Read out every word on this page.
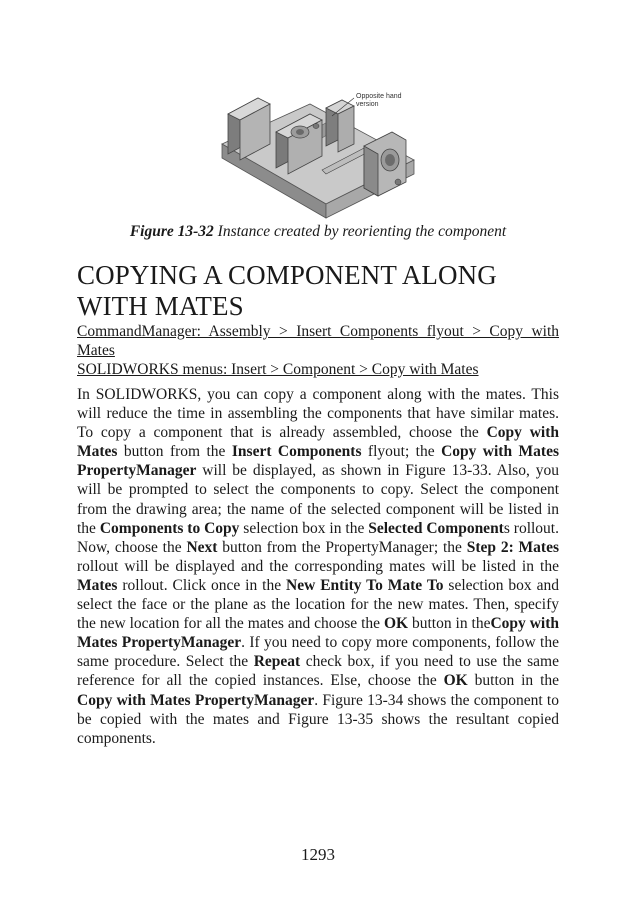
Opposite hand version
Figure 13-32 Instance created by reorienting the component
COPYING A COMPONENT ALONG WITH MATES
CommandManager: Assembly > Insert Components flyout > Copy with Mates
SOLIDWORKS menus: Insert > Component > Copy with Mates
In SOLIDWORKS, you can copy a component along with the mates. This will reduce the time in assembling the components that have similar mates. To copy a component that is already assembled, choose the Copy with Mates button from the Insert Components flyout; the Copy with Mates PropertyManager will be displayed, as shown in Figure 13-33. Also, you will be prompted to select the components to copy. Select the component from the drawing area; the name of the selected component will be listed in the Components to Copy selection box in the Selected Components rollout. Now, choose the Next button from the PropertyManager; the Step 2: Mates rollout will be displayed and the corresponding mates will be listed in the Mates rollout. Click once in the New Entity To Mate To selection box and select the face or the plane as the location for the new mates. Then, specify the new location for all the mates and choose the OK button in theCopy with Mates PropertyManager. If you need to copy more components, follow the same procedure. Select the Repeat check box, if you need to use the same reference for all the copied instances. Else, choose the OK button in the Copy with Mates PropertyManager. Figure 13-34 shows the component to be copied with the mates and Figure 13-35 shows the resultant copied components.
1293
